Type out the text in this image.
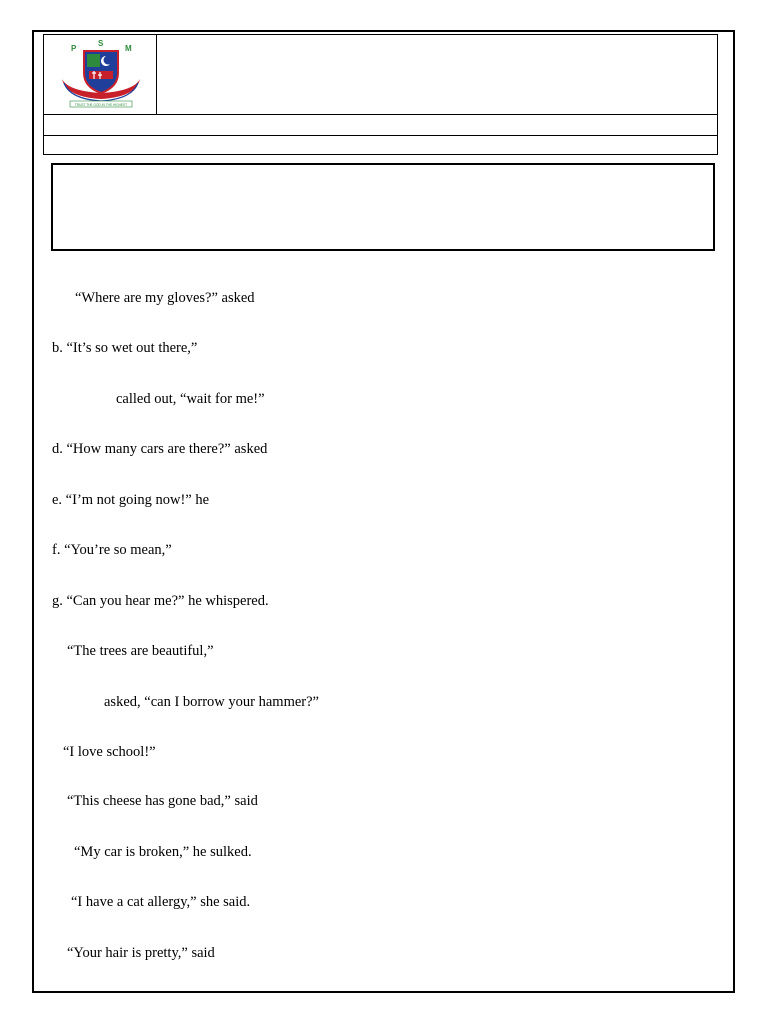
P
S
M
TRUST THE GOD IN THE HIGHEST
“Where are my gloves?” asked
b. “It’s so wet out there,”
called out, “wait for me!”
d. “How many cars are there?” asked
e. “I’m not going now!” he
f. “You’re so mean,”
g. “Can you hear me?” he whispered.
“The trees are beautiful,”
asked, “can I borrow your hammer?”
“I love school!”
“This cheese has gone bad,” said
“My car is broken,” he sulked.
“I have a cat allergy,” she said.
“Your hair is pretty,” said
